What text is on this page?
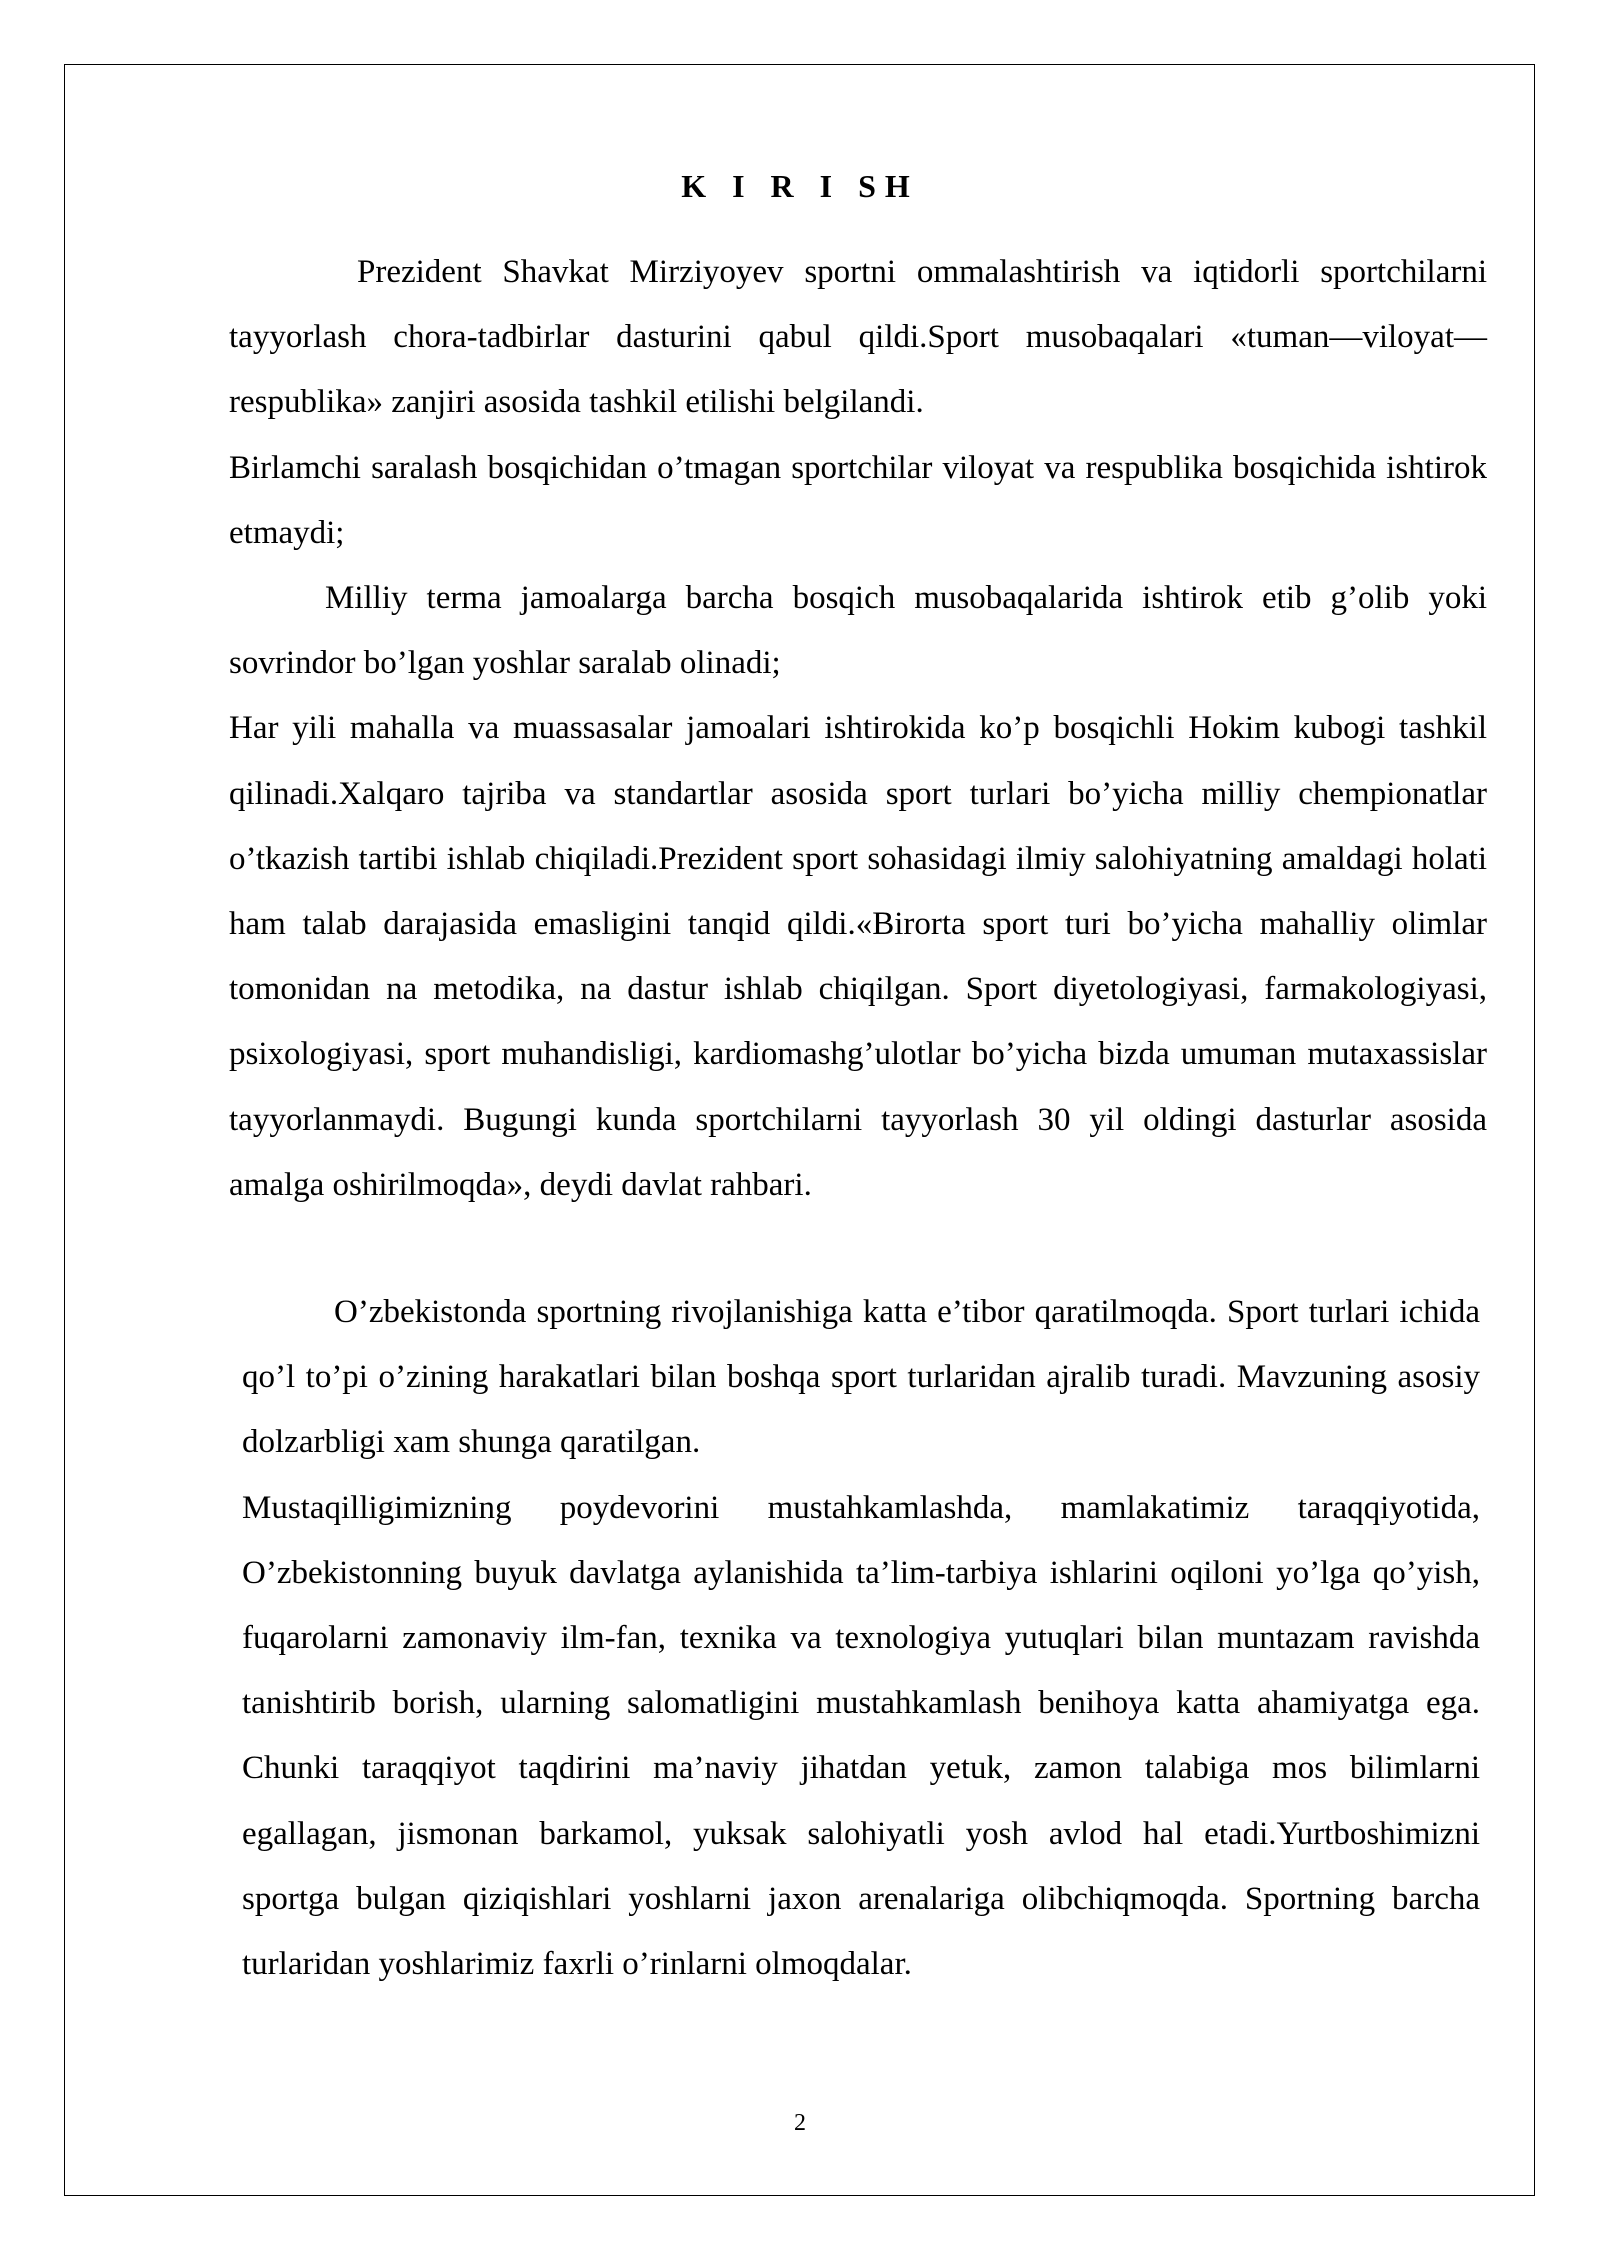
K I R I SH

Prezident Shavkat Mirziyoyev sportni ommalashtirish va iqtidorli sportchilarni tayyorlash chora-tadbirlar dasturini qabul qildi.Sport musobaqalari «tuman—viloyat—respublika» zanjiri asosida tashkil etilishi belgilandi.

Birlamchi saralash bosqichidan o’tmagan sportchilar viloyat va respublika bosqichida ishtirok etmaydi;

Milliy terma jamoalarga barcha bosqich musobaqalarida ishtirok etib g’olib yoki sovrindor bo’lgan yoshlar saralab olinadi;

Har yili mahalla va muassasalar jamoalari ishtirokida ko’p bosqichli Hokim kubogi tashkil qilinadi.Xalqaro tajriba va standartlar asosida sport turlari bo’yicha milliy chempionatlar o’tkazish tartibi ishlab chiqiladi.Prezident sport sohasidagi ilmiy salohiyatning amaldagi holati ham talab darajasida emasligini tanqid qildi.«Birorta sport turi bo’yicha mahalliy olimlar tomonidan na metodika, na dastur ishlab chiqilgan. Sport diyetologiyasi, farmakologiyasi, psixologiyasi, sport muhandisligi, kardiomashg’ulotlar bo’yicha bizda umuman mutaxassislar tayyorlanmaydi. Bugungi kunda sportchilarni tayyorlash 30 yil oldingi dasturlar asosida amalga oshirilmoqda», deydi davlat rahbari.

O’zbekistonda sportning rivojlanishiga katta e’tibor qaratilmoqda. Sport turlari ichida qo’l to’pi o’zining harakatlari bilan boshqa sport turlaridan ajralib turadi. Mavzuning asosiy dolzarbligi xam shunga qaratilgan.

Mustaqilligimizning poydevorini mustahkamlashda, mamlakatimiz taraqqiyotida, O’zbekistonning buyuk davlatga aylanishida ta’lim-tarbiya ishlarini oqiloni yo’lga qo’yish, fuqarolarni zamonaviy ilm-fan, texnika va texnologiya yutuqlari bilan muntazam ravishda tanishtirib borish, ularning salomatligini mustahkamlash benihoya katta ahamiyatga ega. Chunki taraqqiyot taqdirini ma’naviy jihatdan yetuk, zamon talabiga mos bilimlarni egallagan, jismonan barkamol, yuksak salohiyatli yosh avlod hal etadi.Yurtboshimizni sportga bulgan qiziqishlari yoshlarni jaxon arenalariga olibchiqmoqda. Sportning barcha turlaridan yoshlarimiz faxrli o’rinlarni olmoqdalar.

2
